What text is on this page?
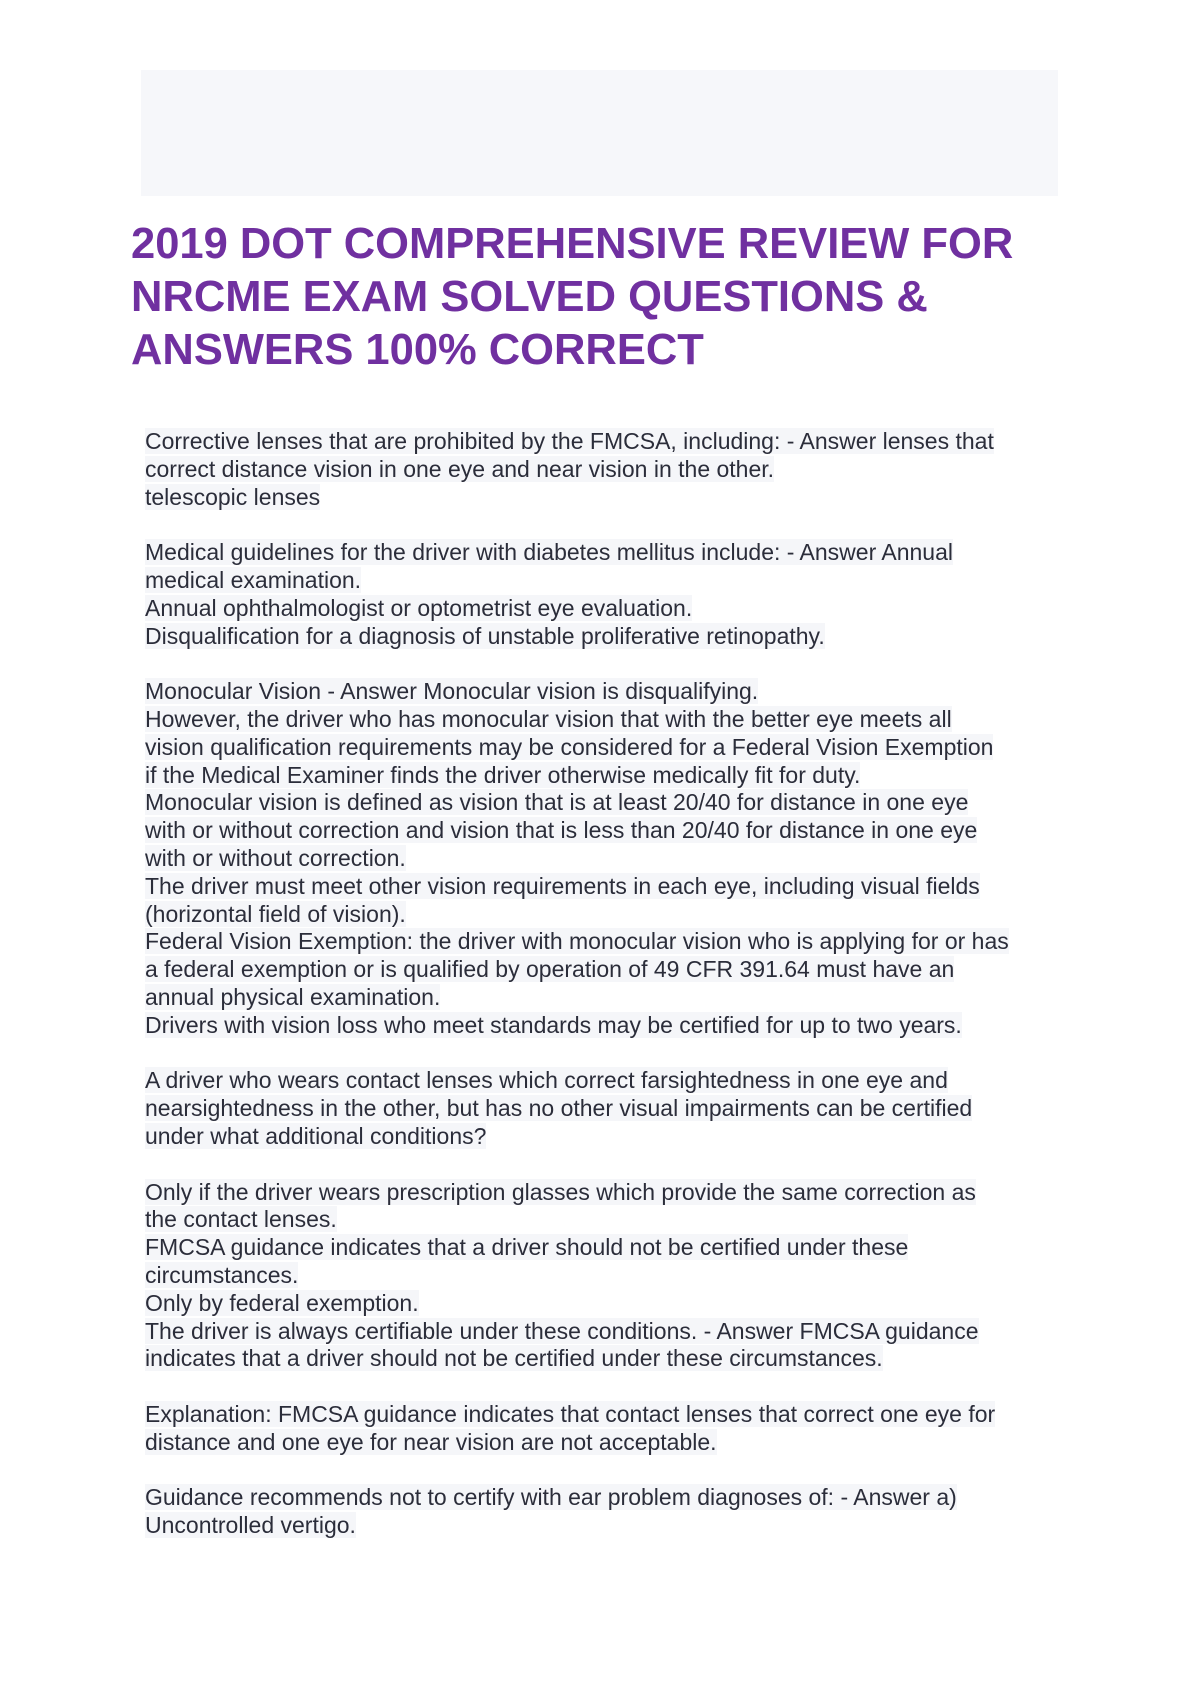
2019 DOT COMPREHENSIVE REVIEW FOR
NRCME EXAM SOLVED QUESTIONS &
ANSWERS 100% CORRECT
Corrective lenses that are prohibited by the FMCSA, including: - Answer lenses that
correct distance vision in one eye and near vision in the other.
telescopic lenses
Medical guidelines for the driver with diabetes mellitus include: - Answer Annual
medical examination.
Annual ophthalmologist or optometrist eye evaluation.
Disqualification for a diagnosis of unstable proliferative retinopathy.
Monocular Vision - Answer Monocular vision is disqualifying.
However, the driver who has monocular vision that with the better eye meets all
vision qualification requirements may be considered for a Federal Vision Exemption
if the Medical Examiner finds the driver otherwise medically fit for duty.
Monocular vision is defined as vision that is at least 20/40 for distance in one eye
with or without correction and vision that is less than 20/40 for distance in one eye
with or without correction.
The driver must meet other vision requirements in each eye, including visual fields
(horizontal field of vision).
Federal Vision Exemption: the driver with monocular vision who is applying for or has
a federal exemption or is qualified by operation of 49 CFR 391.64 must have an
annual physical examination.
Drivers with vision loss who meet standards may be certified for up to two years.
A driver who wears contact lenses which correct farsightedness in one eye and
nearsightedness in the other, but has no other visual impairments can be certified
under what additional conditions?
Only if the driver wears prescription glasses which provide the same correction as
the contact lenses.
FMCSA guidance indicates that a driver should not be certified under these
circumstances.
Only by federal exemption.
The driver is always certifiable under these conditions. - Answer FMCSA guidance
indicates that a driver should not be certified under these circumstances.
Explanation: FMCSA guidance indicates that contact lenses that correct one eye for
distance and one eye for near vision are not acceptable.
Guidance recommends not to certify with ear problem diagnoses of: - Answer a)
Uncontrolled vertigo.
